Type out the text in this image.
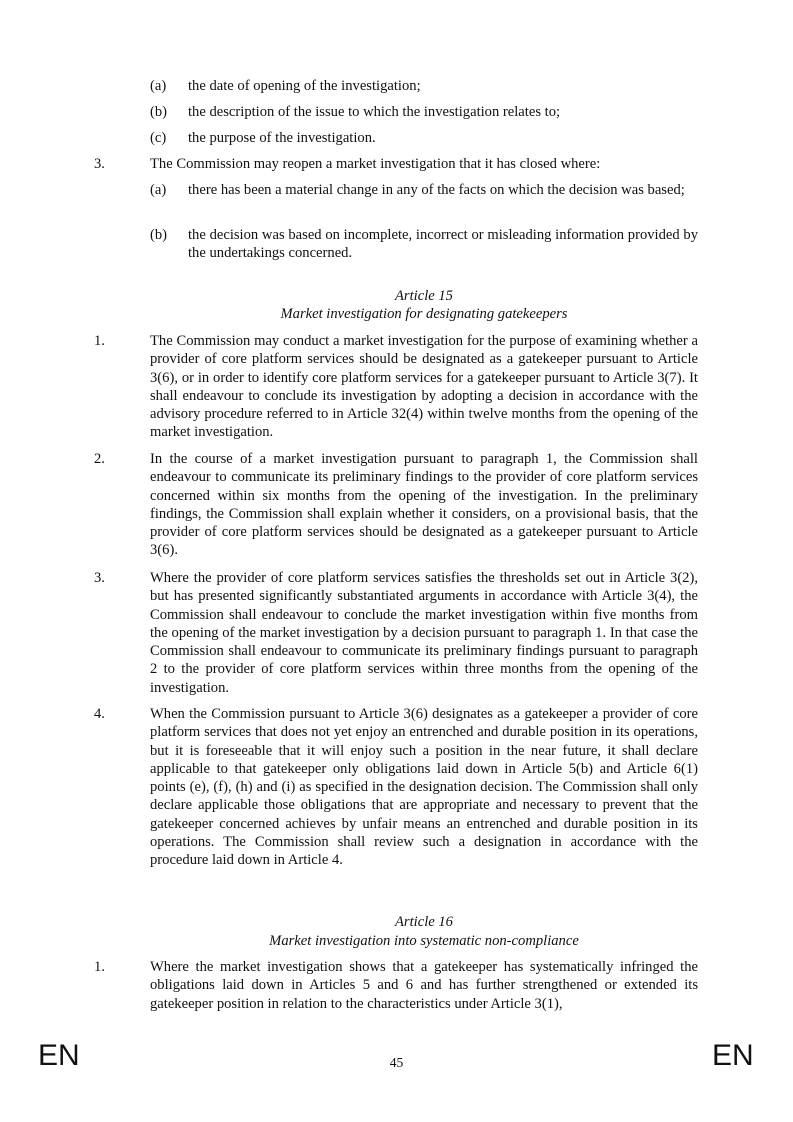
(a) the date of opening of the investigation;
(b) the description of the issue to which the investigation relates to;
(c) the purpose of the investigation.
3.	The Commission may reopen a market investigation that it has closed where:
(a) there has been a material change in any of the facts on which the decision was based;
(b) the decision was based on incomplete, incorrect or misleading information provided by the undertakings concerned.
Article 15
Market investigation for designating gatekeepers
1.	The Commission may conduct a market investigation for the purpose of examining whether a provider of core platform services should be designated as a gatekeeper pursuant to Article 3(6), or in order to identify core platform services for a gatekeeper pursuant to Article 3(7). It shall endeavour to conclude its investigation by adopting a decision in accordance with the advisory procedure referred to in Article 32(4) within twelve months from the opening of the market investigation.
2.	In the course of a market investigation pursuant to paragraph 1, the Commission shall endeavour to communicate its preliminary findings to the provider of core platform services concerned within six months from the opening of the investigation. In the preliminary findings, the Commission shall explain whether it considers, on a provisional basis, that the provider of core platform services should be designated as a gatekeeper pursuant to Article 3(6).
3.	Where the provider of core platform services satisfies the thresholds set out in Article 3(2), but has presented significantly substantiated arguments in accordance with Article 3(4), the Commission shall endeavour to conclude the market investigation within five months from the opening of the market investigation by a decision pursuant to paragraph 1. In that case the Commission shall endeavour to communicate its preliminary findings pursuant to paragraph 2 to the provider of core platform services within three months from the opening of the investigation.
4.	When the Commission pursuant to Article 3(6) designates as a gatekeeper a provider of core platform services that does not yet enjoy an entrenched and durable position in its operations, but it is foreseeable that it will enjoy such a position in the near future, it shall declare applicable to that gatekeeper only obligations laid down in Article 5(b) and Article 6(1) points (e), (f), (h) and (i) as specified in the designation decision. The Commission shall only declare applicable those obligations that are appropriate and necessary to prevent that the gatekeeper concerned achieves by unfair means an entrenched and durable position in its operations. The Commission shall review such a designation in accordance with the procedure laid down in Article 4.
Article 16
Market investigation into systematic non-compliance
1.	Where the market investigation shows that a gatekeeper has systematically infringed the obligations laid down in Articles 5 and 6 and has further strengthened or extended its gatekeeper position in relation to the characteristics under Article 3(1),
EN	45	EN
